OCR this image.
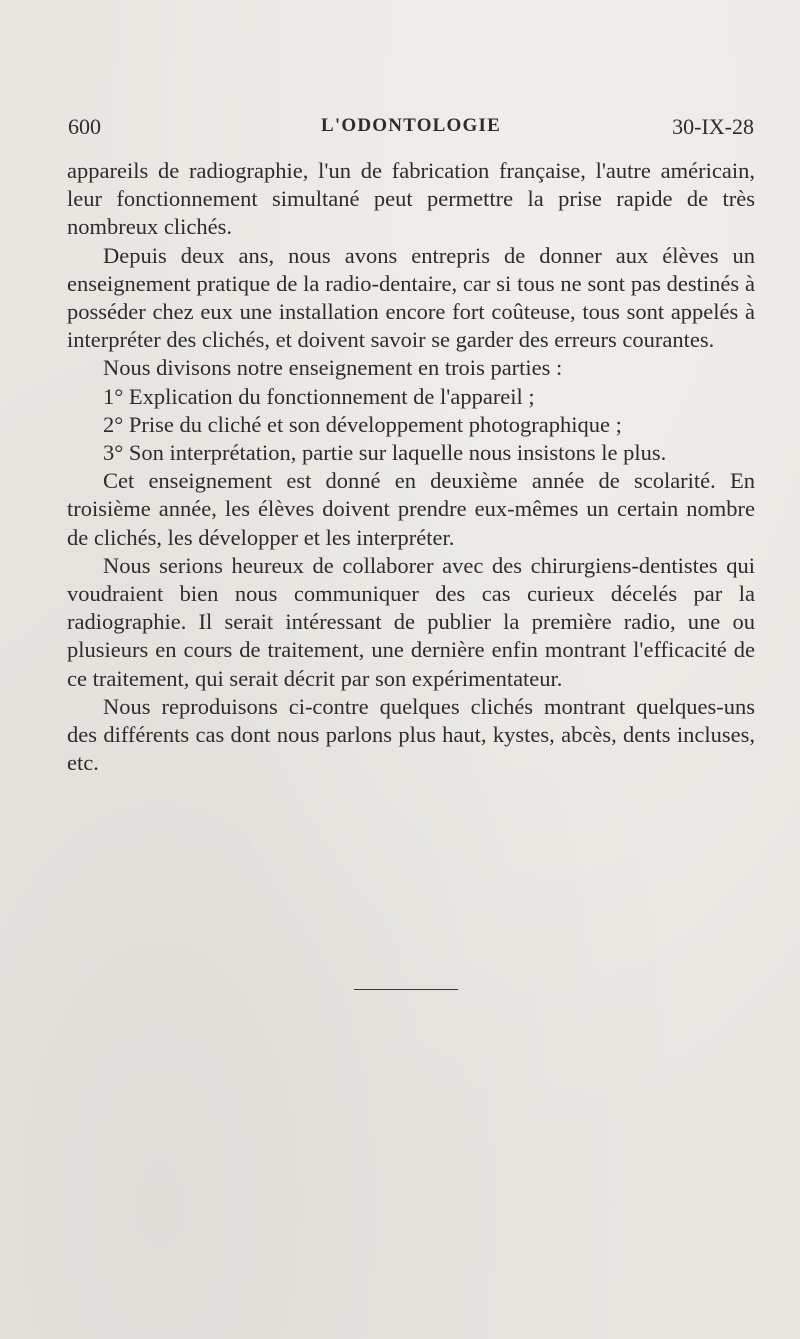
600	L'ODONTOLOGIE	30-IX-28

appareils de radiographie, l'un de fabrication française, l'autre américain, leur fonctionnement simultané peut permettre la prise rapide de très nombreux clichés.

Depuis deux ans, nous avons entrepris de donner aux élèves un enseignement pratique de la radio-dentaire, car si tous ne sont pas destinés à posséder chez eux une installation encore fort coûteuse, tous sont appelés à interpréter des clichés, et doivent savoir se garder des erreurs courantes.

Nous divisons notre enseignement en trois parties :

1° Explication du fonctionnement de l'appareil ;

2° Prise du cliché et son développement photographique ;

3° Son interprétation, partie sur laquelle nous insistons le plus.

Cet enseignement est donné en deuxième année de scolarité. En troisième année, les élèves doivent prendre eux-mêmes un certain nombre de clichés, les développer et les interpréter.

Nous serions heureux de collaborer avec des chirurgiens-dentistes qui voudraient bien nous communiquer des cas curieux décelés par la radiographie. Il serait intéressant de publier la première radio, une ou plusieurs en cours de traitement, une dernière enfin montrant l'efficacité de ce traitement, qui serait décrit par son expérimentateur.

Nous reproduisons ci-contre quelques clichés montrant quelques-uns des différents cas dont nous parlons plus haut, kystes, abcès, dents incluses, etc.
